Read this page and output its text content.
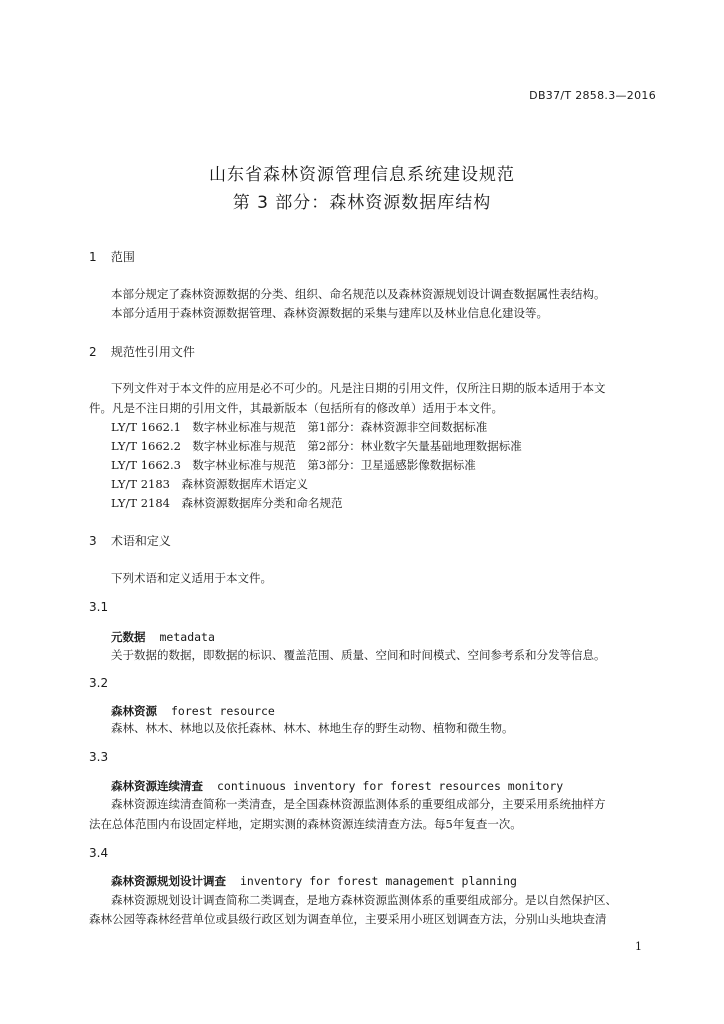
DB37/T 2858.3—2016
山东省森林资源管理信息系统建设规范
第 3 部分：森林资源数据库结构
1 范围
本部分规定了森林资源数据的分类、组织、命名规范以及森林资源规划设计调查数据属性表结构。
本部分适用于森林资源数据管理、森林资源数据的采集与建库以及林业信息化建设等。
2 规范性引用文件
下列文件对于本文件的应用是必不可少的。凡是注日期的引用文件，仅所注日期的版本适用于本文
件。凡是不注日期的引用文件，其最新版本（包括所有的修改单）适用于本文件。
LY/T 1662.1　数字林业标准与规范　第1部分：森林资源非空间数据标准
LY/T 1662.2　数字林业标准与规范　第2部分：林业数字矢量基础地理数据标准
LY/T 1662.3　数字林业标准与规范　第3部分：卫星遥感影像数据标准
LY/T 2183　森林资源数据库术语定义
LY/T 2184　森林资源数据库分类和命名规范
3 术语和定义
下列术语和定义适用于本文件。
3.1
元数据 metadata
关于数据的数据，即数据的标识、覆盖范围、质量、空间和时间模式、空间参考系和分发等信息。
3.2
森林资源 forest resource
森林、林木、林地以及依托森林、林木、林地生存的野生动物、植物和微生物。
3.3
森林资源连续清查 continuous inventory for forest resources monitory
森林资源连续清查简称一类清查，是全国森林资源监测体系的重要组成部分，主要采用系统抽样方
法在总体范围内布设固定样地，定期实测的森林资源连续清查方法。每5年复查一次。
3.4
森林资源规划设计调查 inventory for forest management planning
森林资源规划设计调查简称二类调查，是地方森林资源监测体系的重要组成部分。是以自然保护区、
森林公园等森林经营单位或县级行政区划为调查单位，主要采用小班区划调查方法，分别山头地块查清
1
